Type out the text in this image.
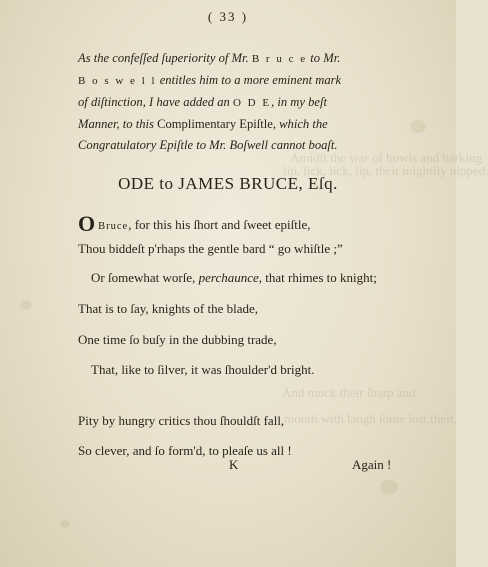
Amidſt the war of howls and barking
lip, lick, lick, lip, their mightily nipped.
And mock their ſharp and
mouth with laugh ſome lost their,
( 33 )
As the confeſſed ſuperiority of Mr. B r u c e to Mr.
B o s w e l l entitles him to a more eminent mark
of diſtinction, I have added an O D E, in my beſt
Manner, to this Complimentary Epiſtle, which the
Congratulatory Epiſtle to Mr. Boſwell cannot boaſt.
ODE to JAMES BRUCE, Eſq.
O Bruce, for this his ſhort and ſweet epiſtle,
Thou biddeſt p'rhaps the gentle bard “ go whiſtle ;”
Or ſomewhat worſe, perchaunce, that rhimes to knight;
That is to ſay, knights of the blade,
One time ſo buſy in the dubbing trade,
That, like to ſilver, it was ſhoulder'd bright.
Pity by hungry critics thou ſhouldſt fall,
So clever, and ſo form'd, to pleaſe us all !
K	Again !
